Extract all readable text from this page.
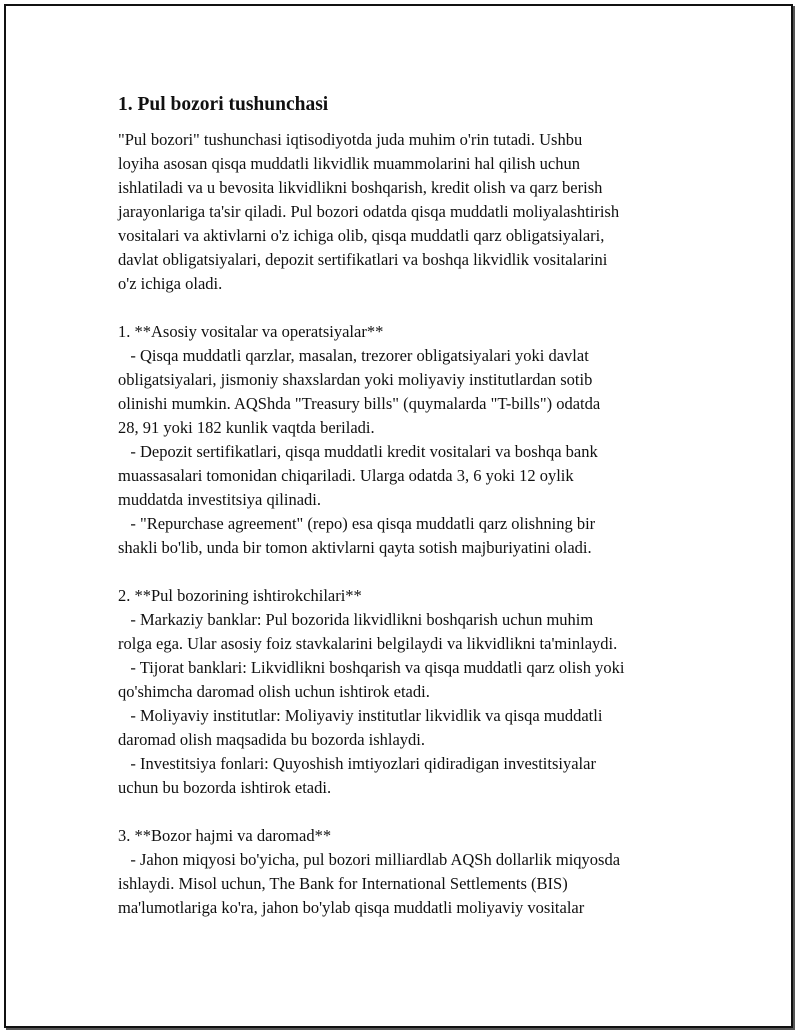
1. Pul bozori tushunchasi
"Pul bozori" tushunchasi iqtisodiyotda juda muhim o'rin tutadi. Ushbu
loyiha asosan qisqa muddatli likvidlik muammolarini hal qilish uchun
ishlatiladi va u bevosita likvidlikni boshqarish, kredit olish va qarz berish
jarayonlariga ta'sir qiladi. Pul bozori odatda qisqa muddatli moliyalashtirish
vositalari va aktivlarni o'z ichiga olib, qisqa muddatli qarz obligatsiyalari,
davlat obligatsiyalari, depozit sertifikatlari va boshqa likvidlik vositalarini
o'z ichiga oladi.
1. **Asosiy vositalar va operatsiyalar**
- Qisqa muddatli qarzlar, masalan, trezorer obligatsiyalari yoki davlat
obligatsiyalari, jismoniy shaxslardan yoki moliyaviy institutlardan sotib
olinishi mumkin. AQShda "Treasury bills" (quymalarda "T-bills") odatda
28, 91 yoki 182 kunlik vaqtda beriladi.
- Depozit sertifikatlari, qisqa muddatli kredit vositalari va boshqa bank
muassasalari tomonidan chiqariladi. Ularga odatda 3, 6 yoki 12 oylik
muddatda investitsiya qilinadi.
- "Repurchase agreement" (repo) esa qisqa muddatli qarz olishning bir
shakli bo'lib, unda bir tomon aktivlarni qayta sotish majburiyatini oladi.
2. **Pul bozorining ishtirokchilari**
- Markaziy banklar: Pul bozorida likvidlikni boshqarish uchun muhim
rolga ega. Ular asosiy foiz stavkalarini belgilaydi va likvidlikni ta'minlaydi.
- Tijorat banklari: Likvidlikni boshqarish va qisqa muddatli qarz olish yoki
qo'shimcha daromad olish uchun ishtirok etadi.
- Moliyaviy institutlar: Moliyaviy institutlar likvidlik va qisqa muddatli
daromad olish maqsadida bu bozorda ishlaydi.
- Investitsiya fonlari: Quyoshish imtiyozlari qidiradigan investitsiyalar
uchun bu bozorda ishtirok etadi.
3. **Bozor hajmi va daromad**
- Jahon miqyosi bo'yicha, pul bozori milliardlab AQSh dollarlik miqyosda
ishlaydi. Misol uchun, The Bank for International Settlements (BIS)
ma'lumotlariga ko'ra, jahon bo'ylab qisqa muddatli moliyaviy vositalar
